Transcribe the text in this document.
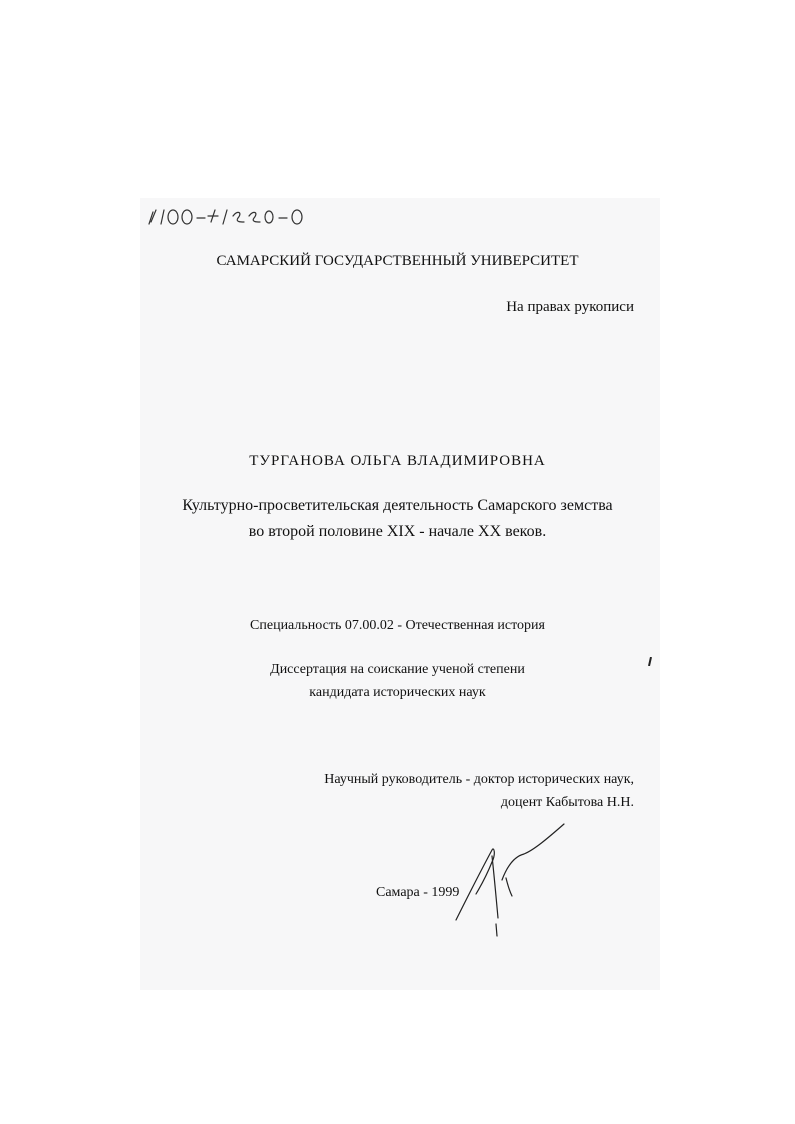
САМАРСКИЙ ГОСУДАРСТВЕННЫЙ УНИВЕРСИТЕТ
На правах рукописи
ТУРГАНОВА ОЛЬГА ВЛАДИМИРОВНА
Культурно-просветительская деятельность Самарского земства
во второй половине XIX - начале XX веков.
Специальность 07.00.02 - Отечественная история
Диссертация на соискание ученой степени
кандидата исторических наук
Научный руководитель - доктор исторических наук,
доцент Кабытова Н.Н.
Самара - 1999
